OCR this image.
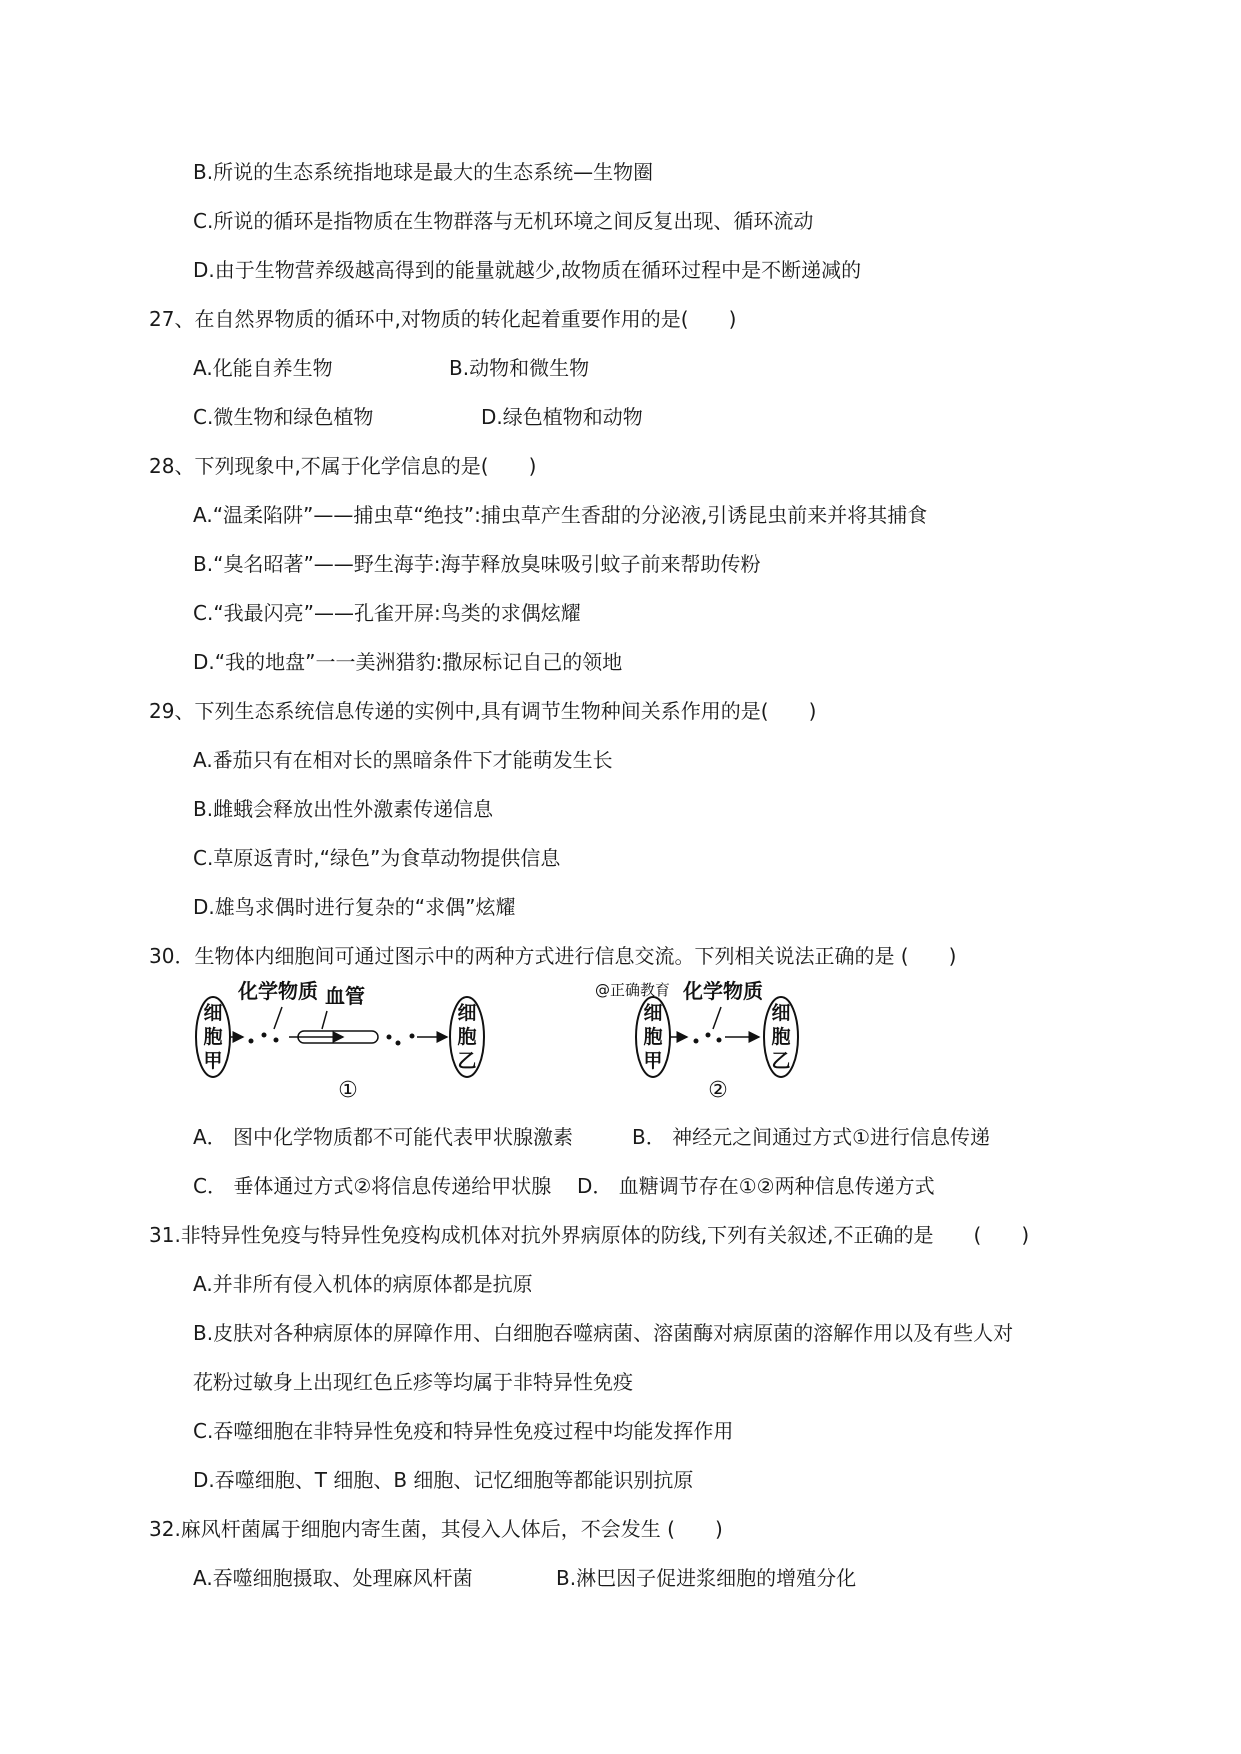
B.所说的生态系统指地球是最大的生态系统—生物圈
C.所说的循环是指物质在生物群落与无机环境之间反复出现、循环流动
D.由于生物营养级越高得到的能量就越少,故物质在循环过程中是不断递减的
27、在自然界物质的循环中,对物质的转化起着重要作用的是(　　)
A.化能自养生物	B.动物和微生物
C.微生物和绿色植物	D.绿色植物和动物
28、下列现象中,不属于化学信息的是(　　)
A.“温柔陷阱”——捕虫草“绝技”:捕虫草产生香甜的分泌液,引诱昆虫前来并将其捕食
B.“臭名昭著”——野生海芋:海芋释放臭味吸引蚊子前来帮助传粉
C.“我最闪亮”——孔雀开屏:鸟类的求偶炫耀
D.“我的地盘”一一美洲猎豹:撒尿标记自己的领地
29、下列生态系统信息传递的实例中,具有调节生物种间关系作用的是(　　)
A.番茄只有在相对长的黑暗条件下才能萌发生长
B.雌蛾会释放出性外激素传递信息
C.草原返青时,“绿色”为食草动物提供信息
D.雄鸟求偶时进行复杂的“求偶”炫耀
30．生物体内细胞间可通过图示中的两种方式进行信息交流。下列相关说法正确的是 (　　)
细
胞
甲
化学物质 血管
细
胞
乙
①
@正确教育 化学物质
细
胞
甲
细
胞
乙
②
A． 图中化学物质都不可能代表甲状腺激素	B． 神经元之间通过方式①进行信息传递
C． 垂体通过方式②将信息传递给甲状腺 D． 血糖调节存在①②两种信息传递方式
31.非特异性免疫与特异性免疫构成机体对抗外界病原体的防线,下列有关叙述,不正确的是　　(　　)
A.并非所有侵入机体的病原体都是抗原
B.皮肤对各种病原体的屏障作用、白细胞吞噬病菌、溶菌酶对病原菌的溶解作用以及有些人对
花粉过敏身上出现红色丘疹等均属于非特异性免疫
C.吞噬细胞在非特异性免疫和特异性免疫过程中均能发挥作用
D.吞噬细胞、T 细胞、B 细胞、记忆细胞等都能识别抗原
32.麻风杆菌属于细胞内寄生菌，其侵入人体后，不会发生 (　　)
A.吞噬细胞摄取、处理麻风杆菌	B.淋巴因子促进浆细胞的增殖分化
